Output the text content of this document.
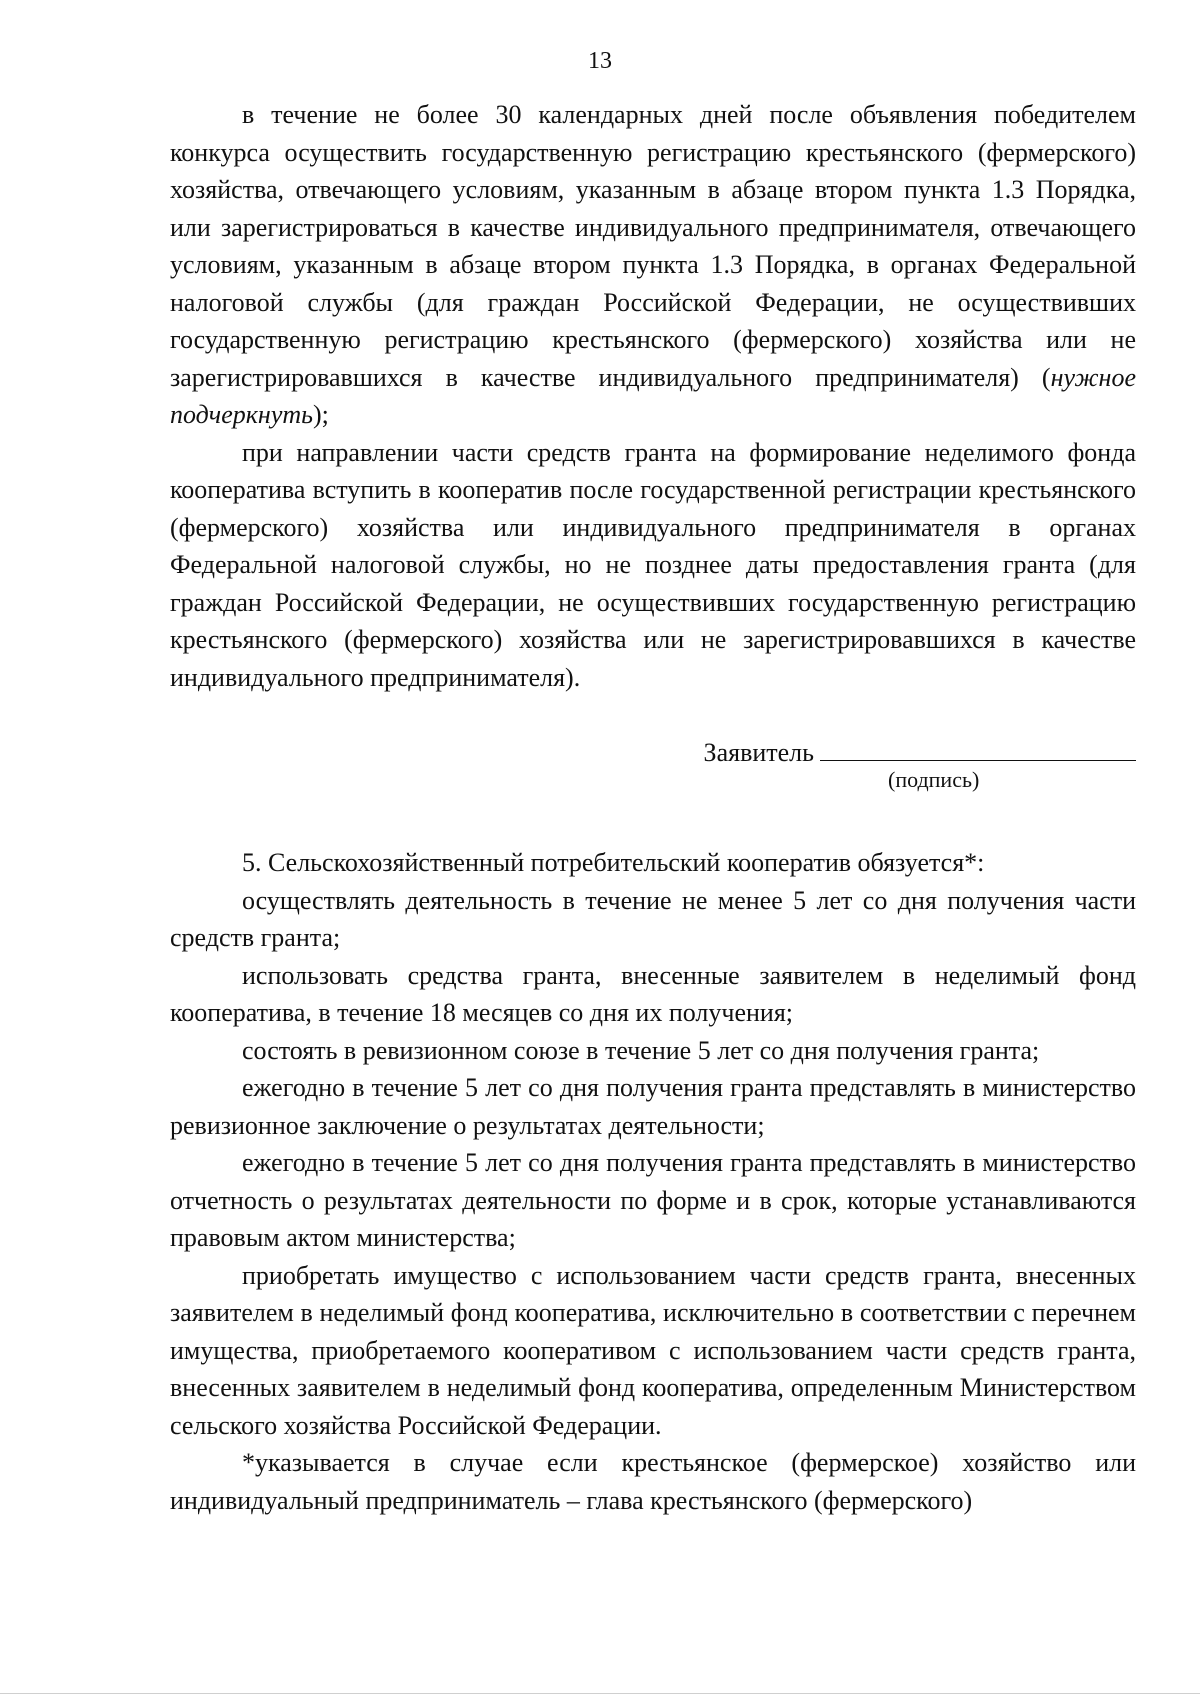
13

в течение не более 30 календарных дней после объявления победителем конкурса осуществить государственную регистрацию крестьянского (фермерского) хозяйства, отвечающего условиям, указанным в абзаце втором пункта 1.3 Порядка, или зарегистрироваться в качестве индивидуального предпринимателя, отвечающего условиям, указанным в абзаце втором пункта 1.3 Порядка, в органах Федеральной налоговой службы (для граждан Российской Федерации, не осуществивших государственную регистрацию крестьянского (фермерского) хозяйства или не зарегистрировавшихся в качестве индивидуального предпринимателя) (нужное подчеркнуть);

при направлении части средств гранта на формирование неделимого фонда кооператива вступить в кооператив после государственной регистрации крестьянского (фермерского) хозяйства или индивидуального предпринимателя в органах Федеральной налоговой службы, но не позднее даты предоставления гранта (для граждан Российской Федерации, не осуществивших государственную регистрацию крестьянского (фермерского) хозяйства или не зарегистрировавшихся в качестве индивидуального предпринимателя).

Заявитель
(подпись)

5. Сельскохозяйственный потребительский кооператив обязуется*:

осуществлять деятельность в течение не менее 5 лет со дня получения части средств гранта;

использовать средства гранта, внесенные заявителем в неделимый фонд кооператива, в течение 18 месяцев со дня их получения;

состоять в ревизионном союзе в течение 5 лет со дня получения гранта;

ежегодно в течение 5 лет со дня получения гранта представлять в министерство ревизионное заключение о результатах деятельности;

ежегодно в течение 5 лет со дня получения гранта представлять в министерство отчетность о результатах деятельности по форме и в срок, которые устанавливаются правовым актом министерства;

приобретать имущество с использованием части средств гранта, внесенных заявителем в неделимый фонд кооператива, исключительно в соответствии с перечнем имущества, приобретаемого кооперативом с использованием части средств гранта, внесенных заявителем в неделимый фонд кооператива, определенным Министерством сельского хозяйства Российской Федерации.

*указывается в случае если крестьянское (фермерское) хозяйство или индивидуальный предприниматель – глава крестьянского (фермерского)
